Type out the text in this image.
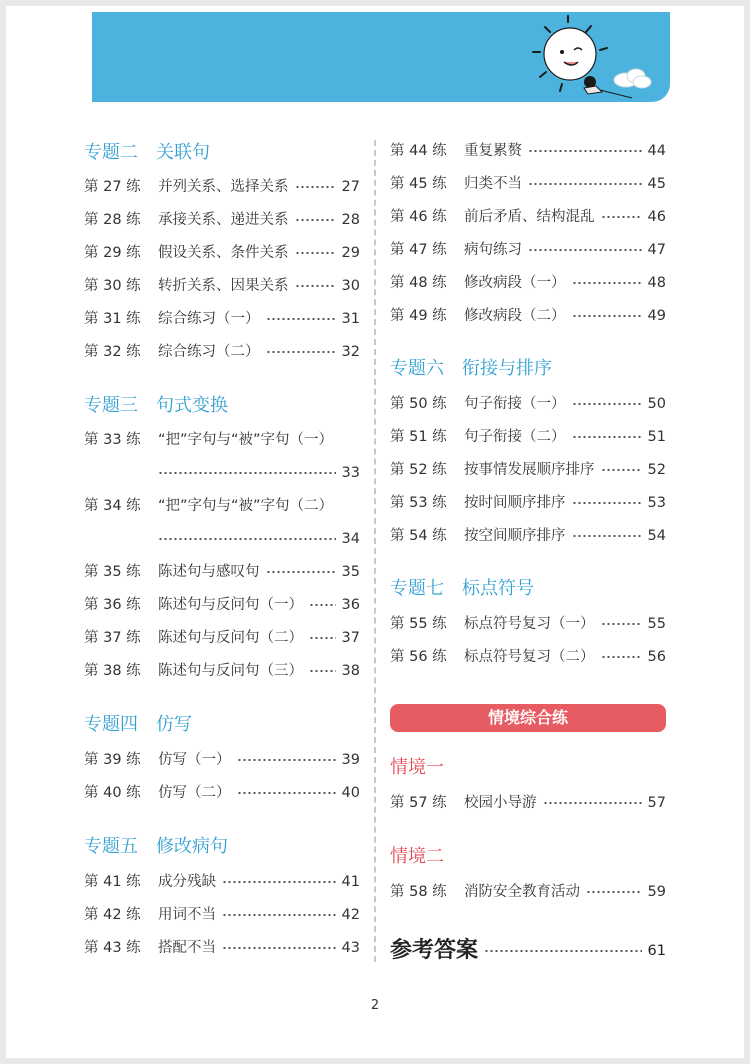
专题二 关联句
第 27 练	并列关系、选择关系	27
第 28 练	承接关系、递进关系	28
第 29 练	假设关系、条件关系	29
第 30 练	转折关系、因果关系	30
第 31 练	综合练习（一）	31
第 32 练	综合练习（二）	32
专题三 句式变换
第 33 练	“把”字句与“被”字句（一）
33
第 34 练	“把”字句与“被”字句（二）
34
第 35 练	陈述句与感叹句	35
第 36 练	陈述句与反问句（一）	36
第 37 练	陈述句与反问句（二）	37
第 38 练	陈述句与反问句（三）	38
专题四 仿写
第 39 练	仿写（一）	39
第 40 练	仿写（二）	40
专题五 修改病句
第 41 练	成分残缺	41
第 42 练	用词不当	42
第 43 练	搭配不当	43
第 44 练	重复累赘	44
第 45 练	归类不当	45
第 46 练	前后矛盾、结构混乱	46
第 47 练	病句练习	47
第 48 练	修改病段（一）	48
第 49 练	修改病段（二）	49
专题六 衔接与排序
第 50 练	句子衔接（一）	50
第 51 练	句子衔接（二）	51
第 52 练	按事情发展顺序排序	52
第 53 练	按时间顺序排序	53
第 54 练	按空间顺序排序	54
专题七 标点符号
第 55 练	标点符号复习（一）	55
第 56 练	标点符号复习（二）	56
情境综合练
情境一
第 57 练	校园小导游	57
情境二
第 58 练	消防安全教育活动	59
参考答案	61
2
